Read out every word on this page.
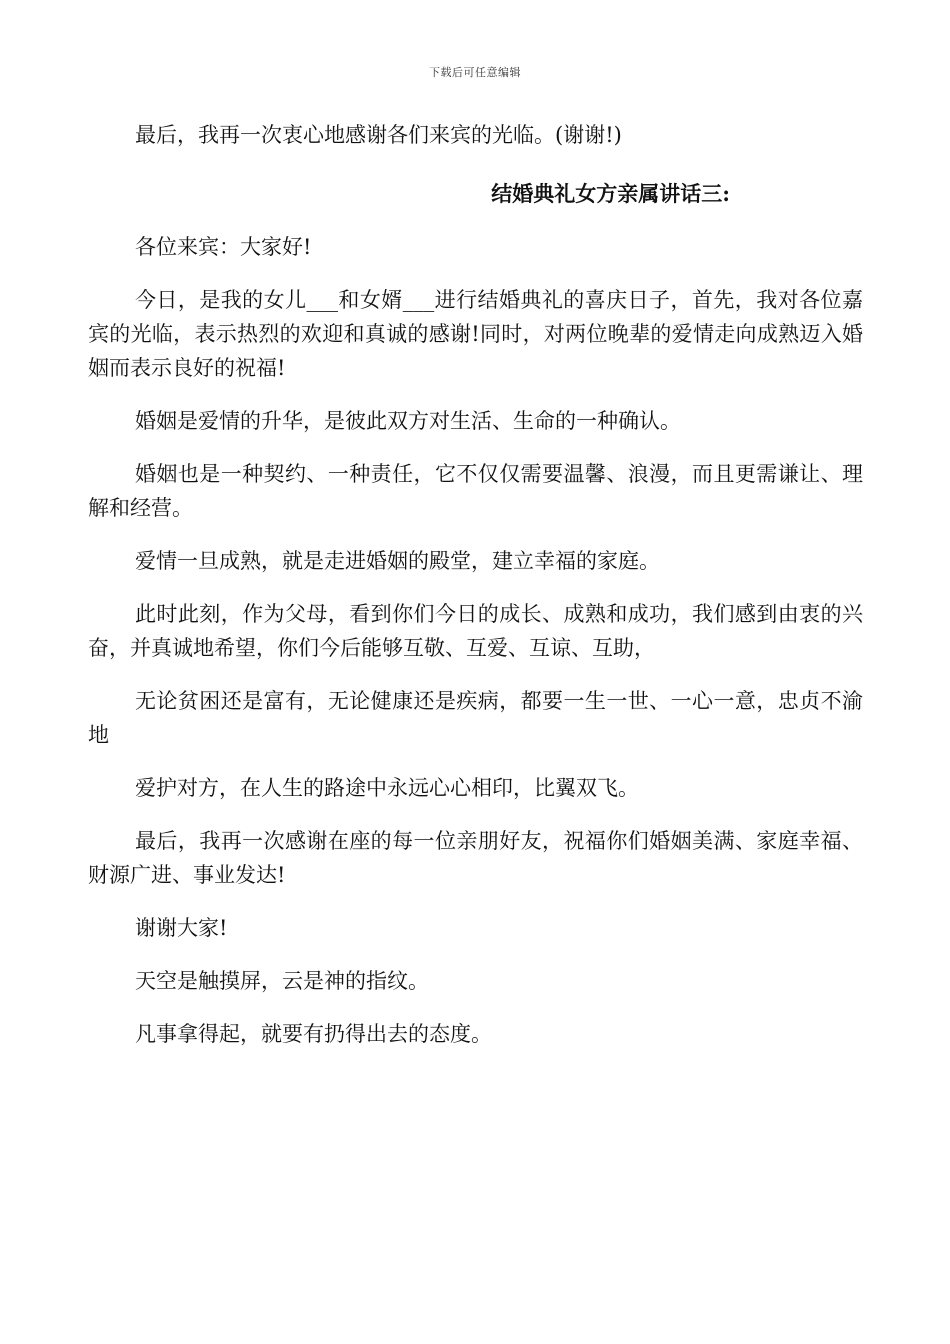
下载后可任意编辑

最后，我再一次衷心地感谢各们来宾的光临。(谢谢!)

结婚典礼女方亲属讲话三:

各位来宾：大家好!

今日，是我的女儿___和女婿___进行结婚典礼的喜庆日子，首先，我对各位嘉宾的光临，表示热烈的欢迎和真诚的感谢!同时，对两位晚辈的爱情走向成熟迈入婚姻而表示良好的祝福!

婚姻是爱情的升华，是彼此双方对生活、生命的一种确认。

婚姻也是一种契约、一种责任，它不仅仅需要温馨、浪漫，而且更需谦让、理解和经营。

爱情一旦成熟，就是走进婚姻的殿堂，建立幸福的家庭。

此时此刻，作为父母，看到你们今日的成长、成熟和成功，我们感到由衷的兴奋，并真诚地希望，你们今后能够互敬、互爱、互谅、互助，

无论贫困还是富有，无论健康还是疾病，都要一生一世、一心一意，忠贞不渝地

爱护对方，在人生的路途中永远心心相印，比翼双飞。

最后，我再一次感谢在座的每一位亲朋好友，祝福你们婚姻美满、家庭幸福、财源广进、事业发达!

谢谢大家!

天空是触摸屏，云是神的指纹。

凡事拿得起，就要有扔得出去的态度。
